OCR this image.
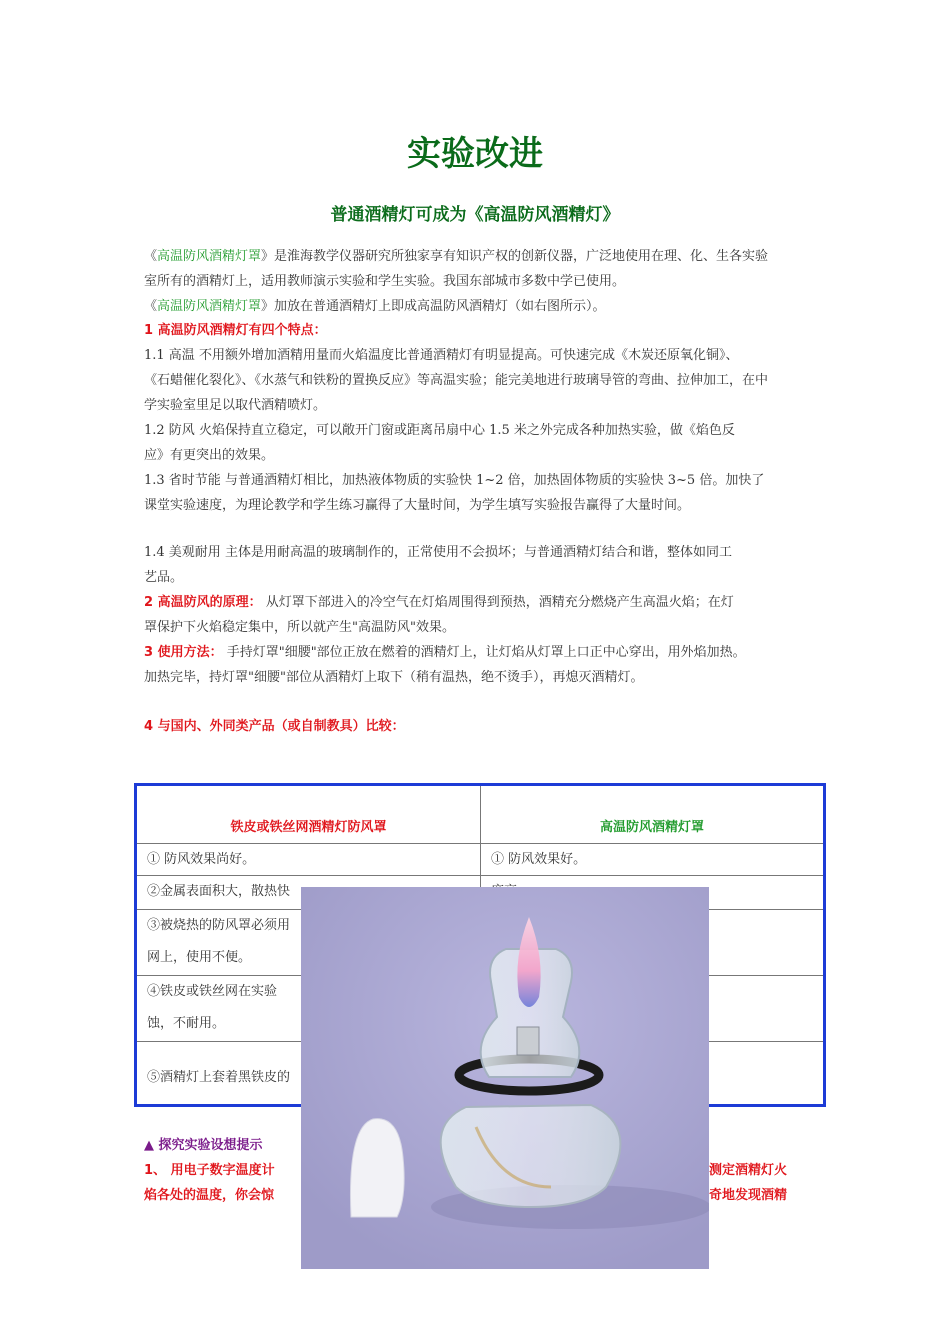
实验改进
普通酒精灯可成为《高温防风酒精灯》
《高温防风酒精灯罩》是淮海教学仪器研究所独家享有知识产权的创新仪器，广泛地使用在理、化、生各实验
室所有的酒精灯上，适用教师演示实验和学生实验。我国东部城市多数中学已使用。
《高温防风酒精灯罩》加放在普通酒精灯上即成高温防风酒精灯（如右图所示）。
1 高温防风酒精灯有四个特点：
1.1 高温 不用额外增加酒精用量而火焰温度比普通酒精灯有明显提高。可快速完成《木炭还原氧化铜》、
《石蜡催化裂化》、《水蒸气和铁粉的置换反应》等高温实验；能完美地进行玻璃导管的弯曲、拉伸加工，在中
学实验室里足以取代酒精喷灯。
1.2 防风 火焰保持直立稳定，可以敞开门窗或距离吊扇中心 1.5 米之外完成各种加热实验，做《焰色反
应》有更突出的效果。
1.3 省时节能 与普通酒精灯相比，加热液体物质的实验快 1~2 倍，加热固体物质的实验快 3~5 倍。加快了
课堂实验速度，为理论教学和学生练习赢得了大量时间，为学生填写实验报告赢得了大量时间。
1.4 美观耐用 主体是用耐高温的玻璃制作的，正常使用不会损坏；与普通酒精灯结合和谐，整体如同工
艺品。
2 高温防风的原理： 从灯罩下部进入的冷空气在灯焰周围得到预热，酒精充分燃烧产生高温火焰；在灯
罩保护下火焰稳定集中，所以就产生"高温防风"效果。
3 使用方法： 手持灯罩"细腰"部位正放在燃着的酒精灯上，让灯焰从灯罩上口正中心穿出，用外焰加热。
加热完毕，持灯罩"细腰"部位从酒精灯上取下（稍有温热，绝不烫手），再熄灭酒精灯。
4 与国内、外同类产品（或自制教具）比较：
铁皮或铁丝网酒精灯防风罩	高温防风酒精灯罩
① 防风效果尚好。	① 防风效果好。
②金属表面积大，散热快
③被烧热的防风罩必须用
网上，使用不便。
④铁皮或铁丝网在实验
蚀，不耐用。
⑤酒精灯上套着黑铁皮的
▲ 探究实验设想提示
1、 用电子数字温度计
焰各处的温度，你会惊
测定酒精灯火
奇地发现酒精
